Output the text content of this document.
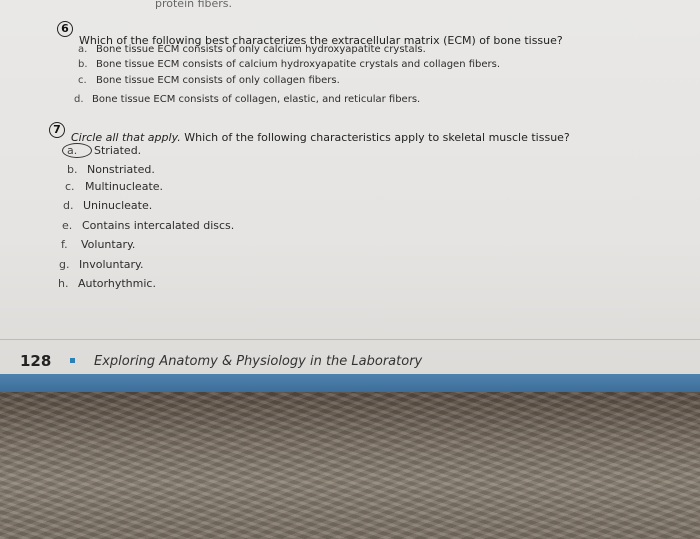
protein fibers.
6
Which of the following best characterizes the extracellular matrix (ECM) of bone tissue?
a. Bone tissue ECM consists of only calcium hydroxyapatite crystals.
b. Bone tissue ECM consists of calcium hydroxyapatite crystals and collagen fibers.
c. Bone tissue ECM consists of only collagen fibers.
d. Bone tissue ECM consists of collagen, elastic, and reticular fibers.
7
Circle all that apply. Which of the following characteristics apply to skeletal muscle tissue?
a. Striated.
b. Nonstriated.
c. Multinucleate.
d. Uninucleate.
e. Contains intercalated discs.
f. Voluntary.
g. Involuntary.
h. Autorhythmic.
128	Exploring Anatomy & Physiology in the Laboratory
